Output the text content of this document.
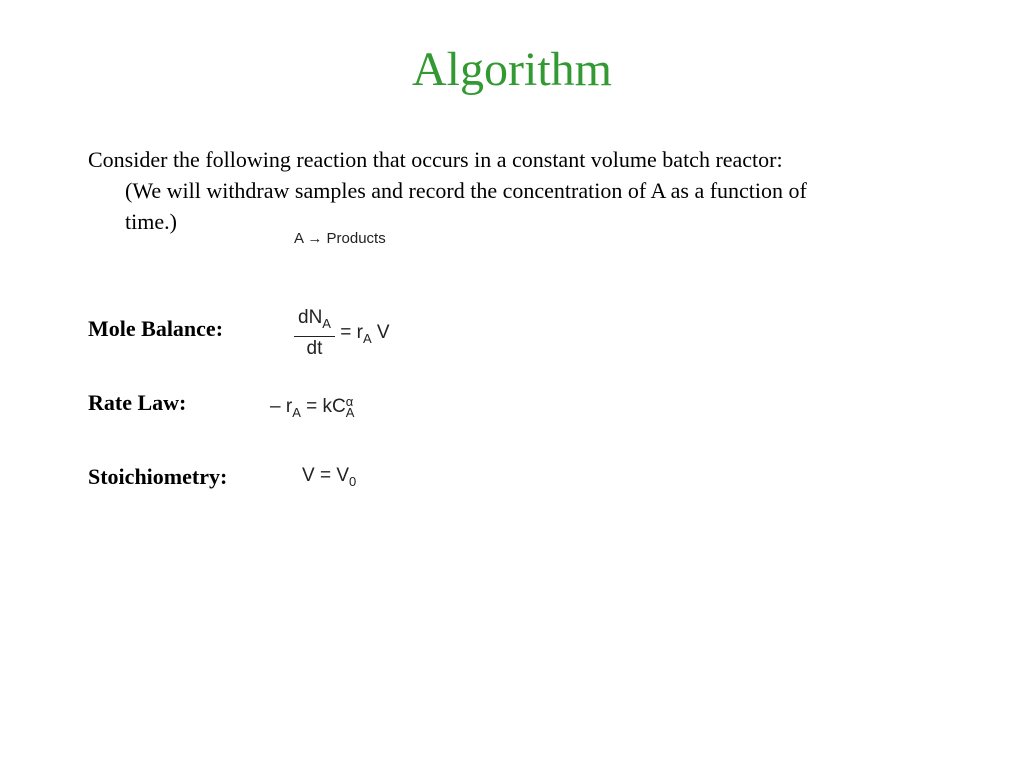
Algorithm
Consider the following reaction that occurs in a constant volume batch reactor:
(We will withdraw samples and record the concentration of A as a function of
time.)
A → Products
Mole Balance:	$\frac{dN_A}{dt} = r_A$ V
Rate Law:	– $r_A$ = kC α
A
Stoichiometry:	$V = V_0$
